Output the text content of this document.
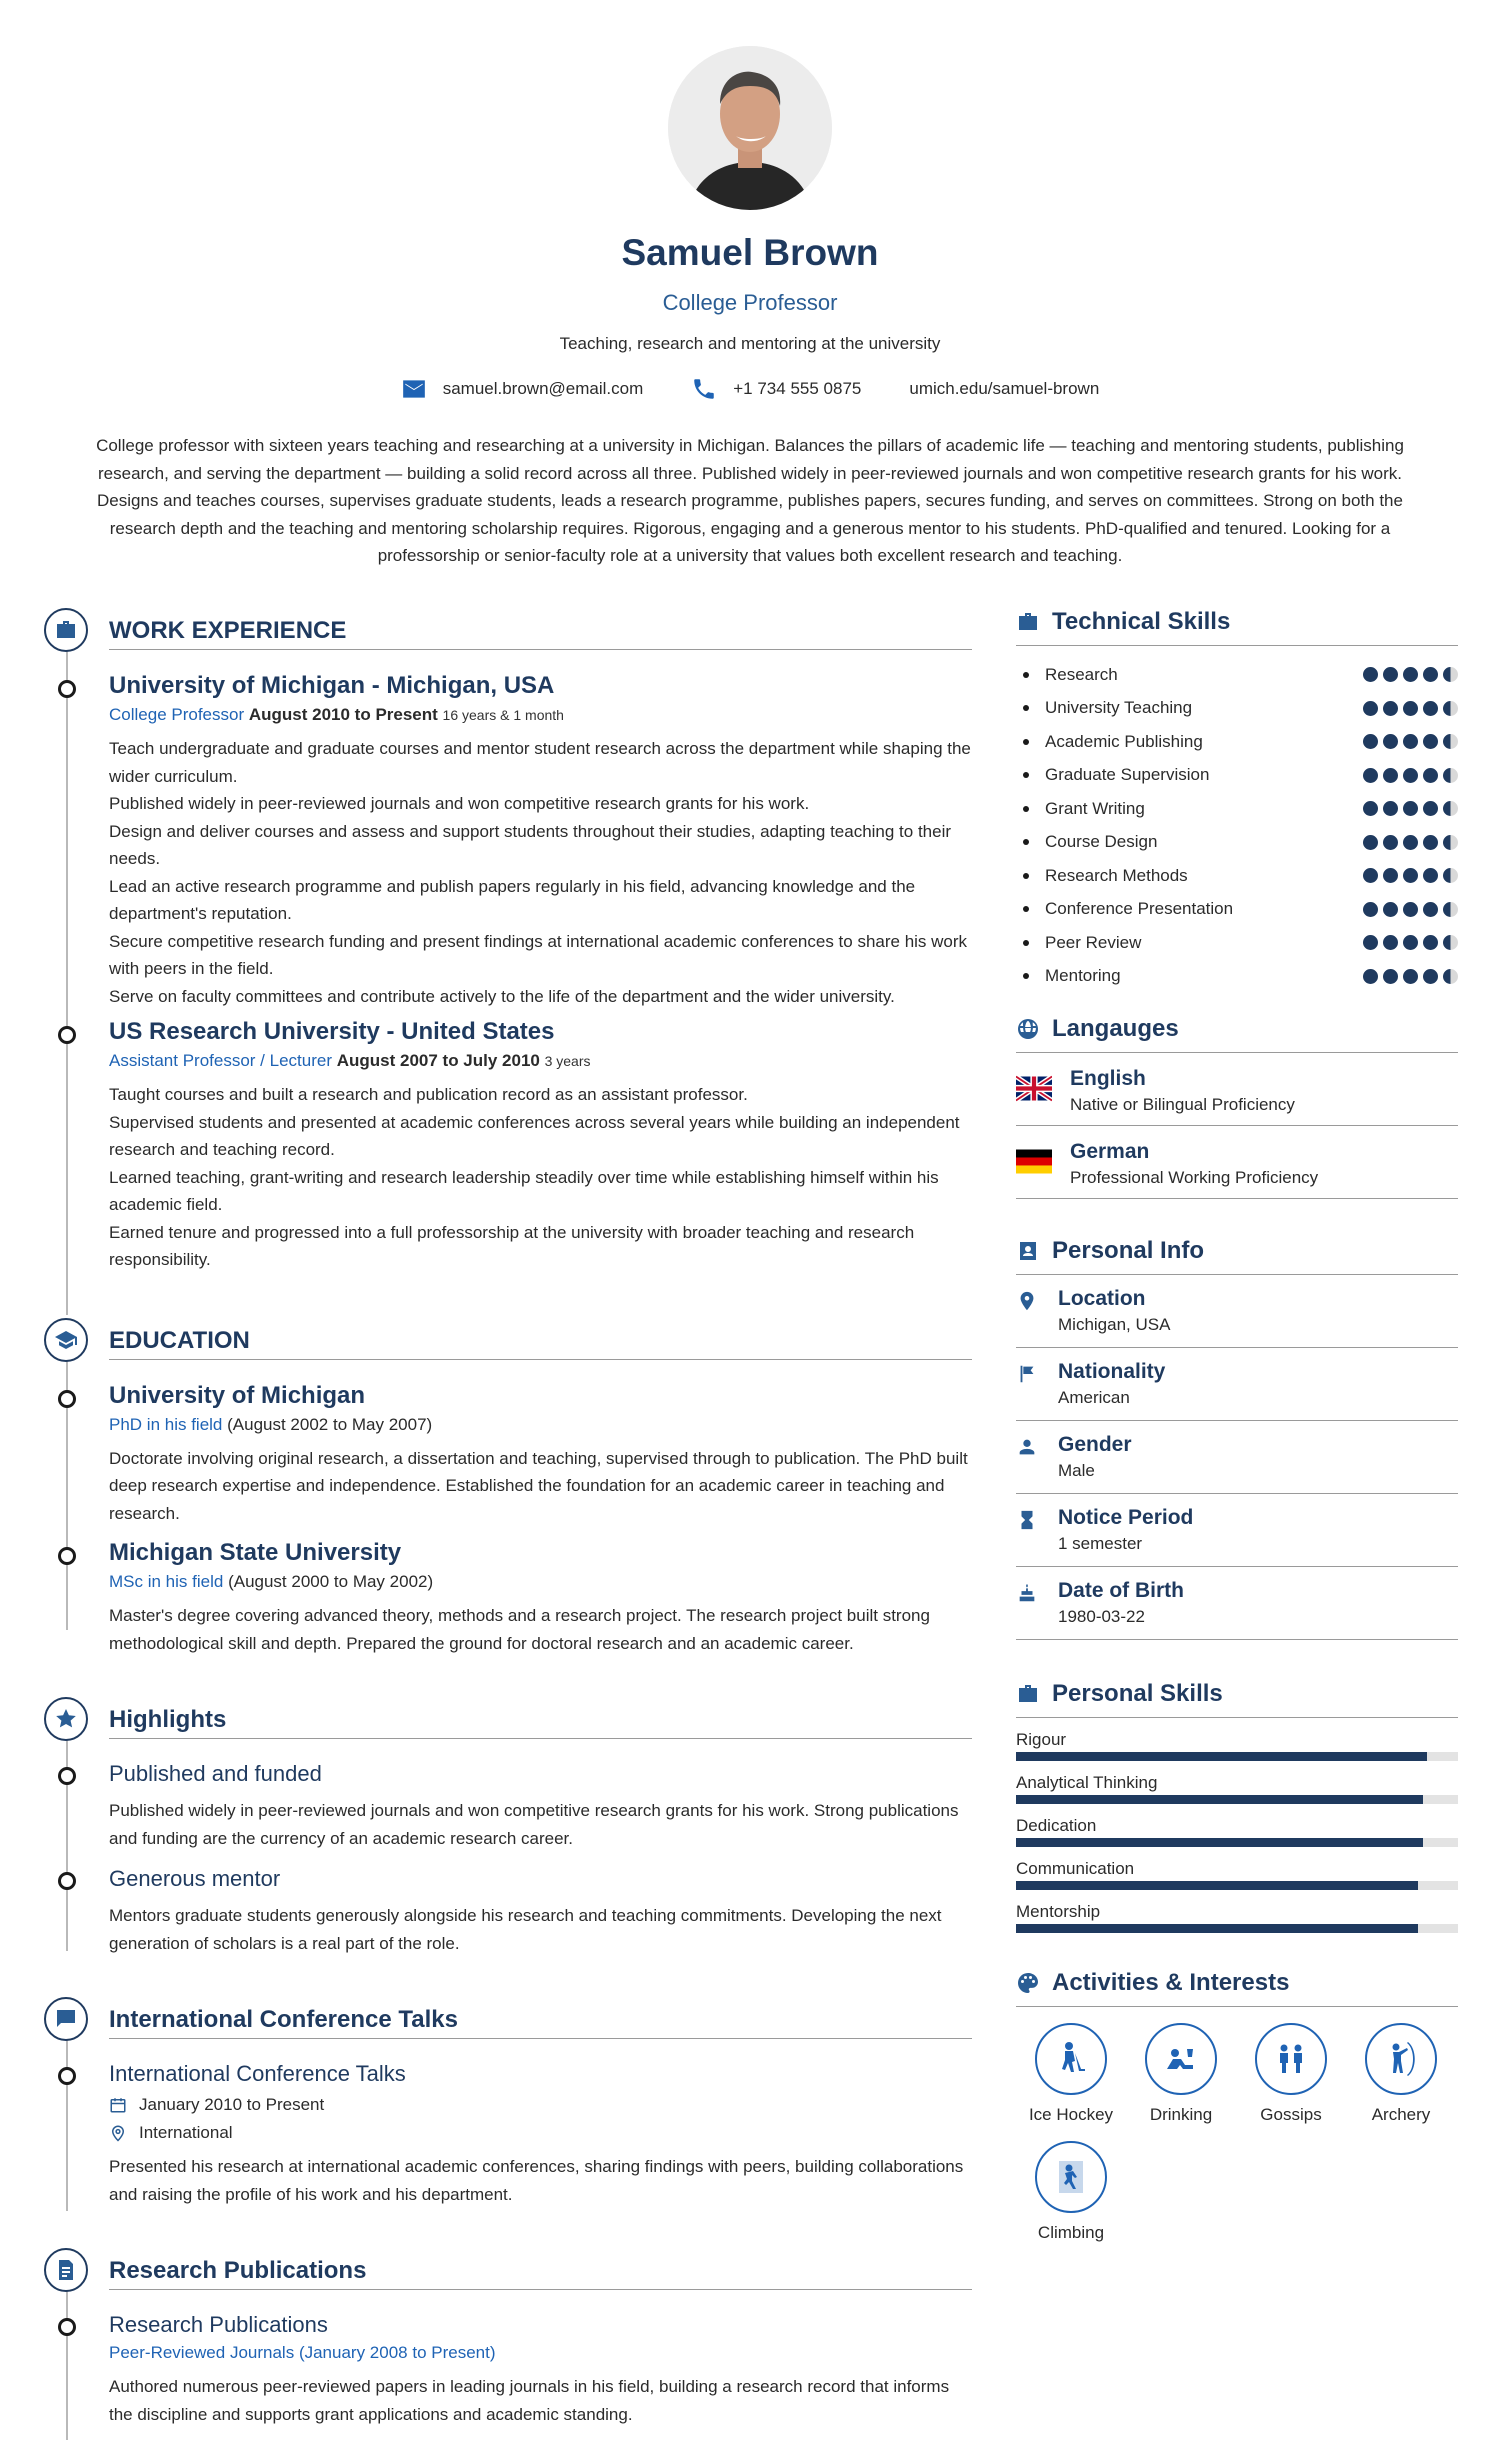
Samuel Brown
College Professor
Teaching, research and mentoring at the university
samuel.brown@email.com	+1 734 555 0875	umich.edu/samuel-brown
College professor with sixteen years teaching and researching at a university in Michigan. Balances the pillars of academic life — teaching and mentoring students, publishing research, and serving the department — building a solid record across all three. Published widely in peer-reviewed journals and won competitive research grants for his work. Designs and teaches courses, supervises graduate students, leads a research programme, publishes papers, secures funding, and serves on committees. Strong on both the research depth and the teaching and mentoring scholarship requires. Rigorous, engaging and a generous mentor to his students. PhD-qualified and tenured. Looking for a professorship or senior-faculty role at a university that values both excellent research and teaching.
WORK EXPERIENCE
University of Michigan - Michigan, USA
College Professor August 2010 to Present 16 years & 1 month
Teach undergraduate and graduate courses and mentor student research across the department while shaping the wider curriculum.
Published widely in peer-reviewed journals and won competitive research grants for his work.
Design and deliver courses and assess and support students throughout their studies, adapting teaching to their needs.
Lead an active research programme and publish papers regularly in his field, advancing knowledge and the department's reputation.
Secure competitive research funding and present findings at international academic conferences to share his work with peers in the field.
Serve on faculty committees and contribute actively to the life of the department and the wider university.
US Research University - United States
Assistant Professor / Lecturer August 2007 to July 2010 3 years
Taught courses and built a research and publication record as an assistant professor.
Supervised students and presented at academic conferences across several years while building an independent research and teaching record.
Learned teaching, grant-writing and research leadership steadily over time while establishing himself within his academic field.
Earned tenure and progressed into a full professorship at the university with broader teaching and research responsibility.
EDUCATION
University of Michigan
PhD in his field (August 2002 to May 2007)
Doctorate involving original research, a dissertation and teaching, supervised through to publication. The PhD built deep research expertise and independence. Established the foundation for an academic career in teaching and research.
Michigan State University
MSc in his field (August 2000 to May 2002)
Master's degree covering advanced theory, methods and a research project. The research project built strong methodological skill and depth. Prepared the ground for doctoral research and an academic career.
Highlights
Published and funded
Published widely in peer-reviewed journals and won competitive research grants for his work. Strong publications and funding are the currency of an academic research career.
Generous mentor
Mentors graduate students generously alongside his research and teaching commitments. Developing the next generation of scholars is a real part of the role.
International Conference Talks
International Conference Talks
January 2010 to Present
International
Presented his research at international academic conferences, sharing findings with peers, building collaborations and raising the profile of his work and his department.
Research Publications
Research Publications
Peer-Reviewed Journals (January 2008 to Present)
Authored numerous peer-reviewed papers in leading journals in his field, building a research record that informs the discipline and supports grant applications and academic standing.
Technical Skills
Research
University Teaching
Academic Publishing
Graduate Supervision
Grant Writing
Course Design
Research Methods
Conference Presentation
Peer Review
Mentoring
Langauges
English
Native or Bilingual Proficiency
German
Professional Working Proficiency
Personal Info
Location
Michigan, USA
Nationality
American
Gender
Male
Notice Period
1 semester
Date of Birth
1980-03-22
Personal Skills
Rigour
Analytical Thinking
Dedication
Communication
Mentorship
Activities & Interests
Ice Hockey	Drinking	Gossips	Archery
Climbing
